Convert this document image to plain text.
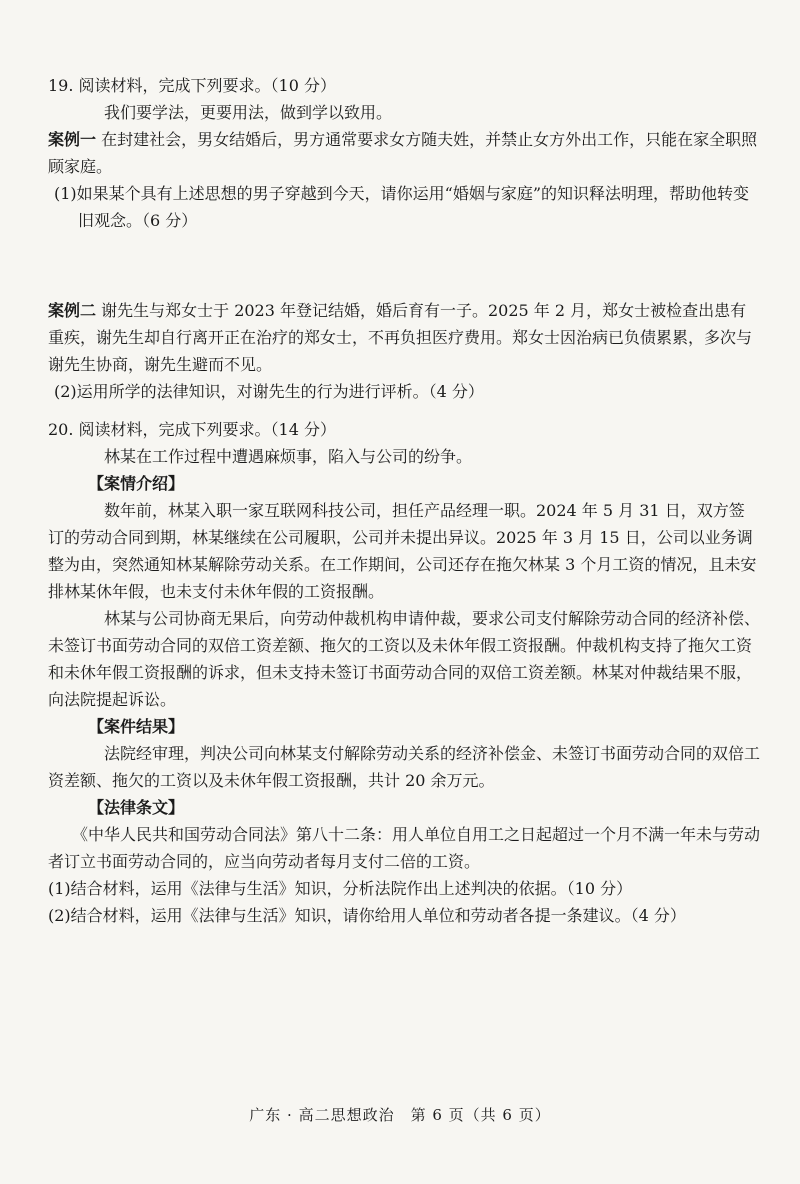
19. 阅读材料，完成下列要求。（10 分）

我们要学法，更要用法，做到学以致用。

案例一 在封建社会，男女结婚后，男方通常要求女方随夫姓，并禁止女方外出工作，只能在家全职照顾家庭。

(1)如果某个具有上述思想的男子穿越到今天，请你运用“婚姻与家庭”的知识释法明理，帮助他转变旧观念。（6 分）

案例二 谢先生与郑女士于 2023 年登记结婚，婚后育有一子。2025 年 2 月，郑女士被检查出患有重疾，谢先生却自行离开正在治疗的郑女士，不再负担医疗费用。郑女士因治病已负债累累，多次与谢先生协商，谢先生避而不见。

(2)运用所学的法律知识，对谢先生的行为进行评析。（4 分）

20. 阅读材料，完成下列要求。（14 分）

林某在工作过程中遭遇麻烦事，陷入与公司的纷争。

【案情介绍】

数年前，林某入职一家互联网科技公司，担任产品经理一职。2024 年 5 月 31 日，双方签订的劳动合同到期，林某继续在公司履职，公司并未提出异议。2025 年 3 月 15 日，公司以业务调整为由，突然通知林某解除劳动关系。在工作期间，公司还存在拖欠林某 3 个月工资的情况，且未安排林某休年假，也未支付未休年假的工资报酬。

林某与公司协商无果后，向劳动仲裁机构申请仲裁，要求公司支付解除劳动合同的经济补偿、未签订书面劳动合同的双倍工资差额、拖欠的工资以及未休年假工资报酬。仲裁机构支持了拖欠工资和未休年假工资报酬的诉求，但未支持未签订书面劳动合同的双倍工资差额。林某对仲裁结果不服，向法院提起诉讼。

【案件结果】

法院经审理，判决公司向林某支付解除劳动关系的经济补偿金、未签订书面劳动合同的双倍工资差额、拖欠的工资以及未休年假工资报酬，共计 20 余万元。

【法律条文】

《中华人民共和国劳动合同法》第八十二条：用人单位自用工之日起超过一个月不满一年未与劳动者订立书面劳动合同的，应当向劳动者每月支付二倍的工资。

(1)结合材料，运用《法律与生活》知识，分析法院作出上述判决的依据。（10 分）

(2)结合材料，运用《法律与生活》知识，请你给用人单位和劳动者各提一条建议。（4 分）

广东 · 高二思想政治　第 6 页（共 6 页）
